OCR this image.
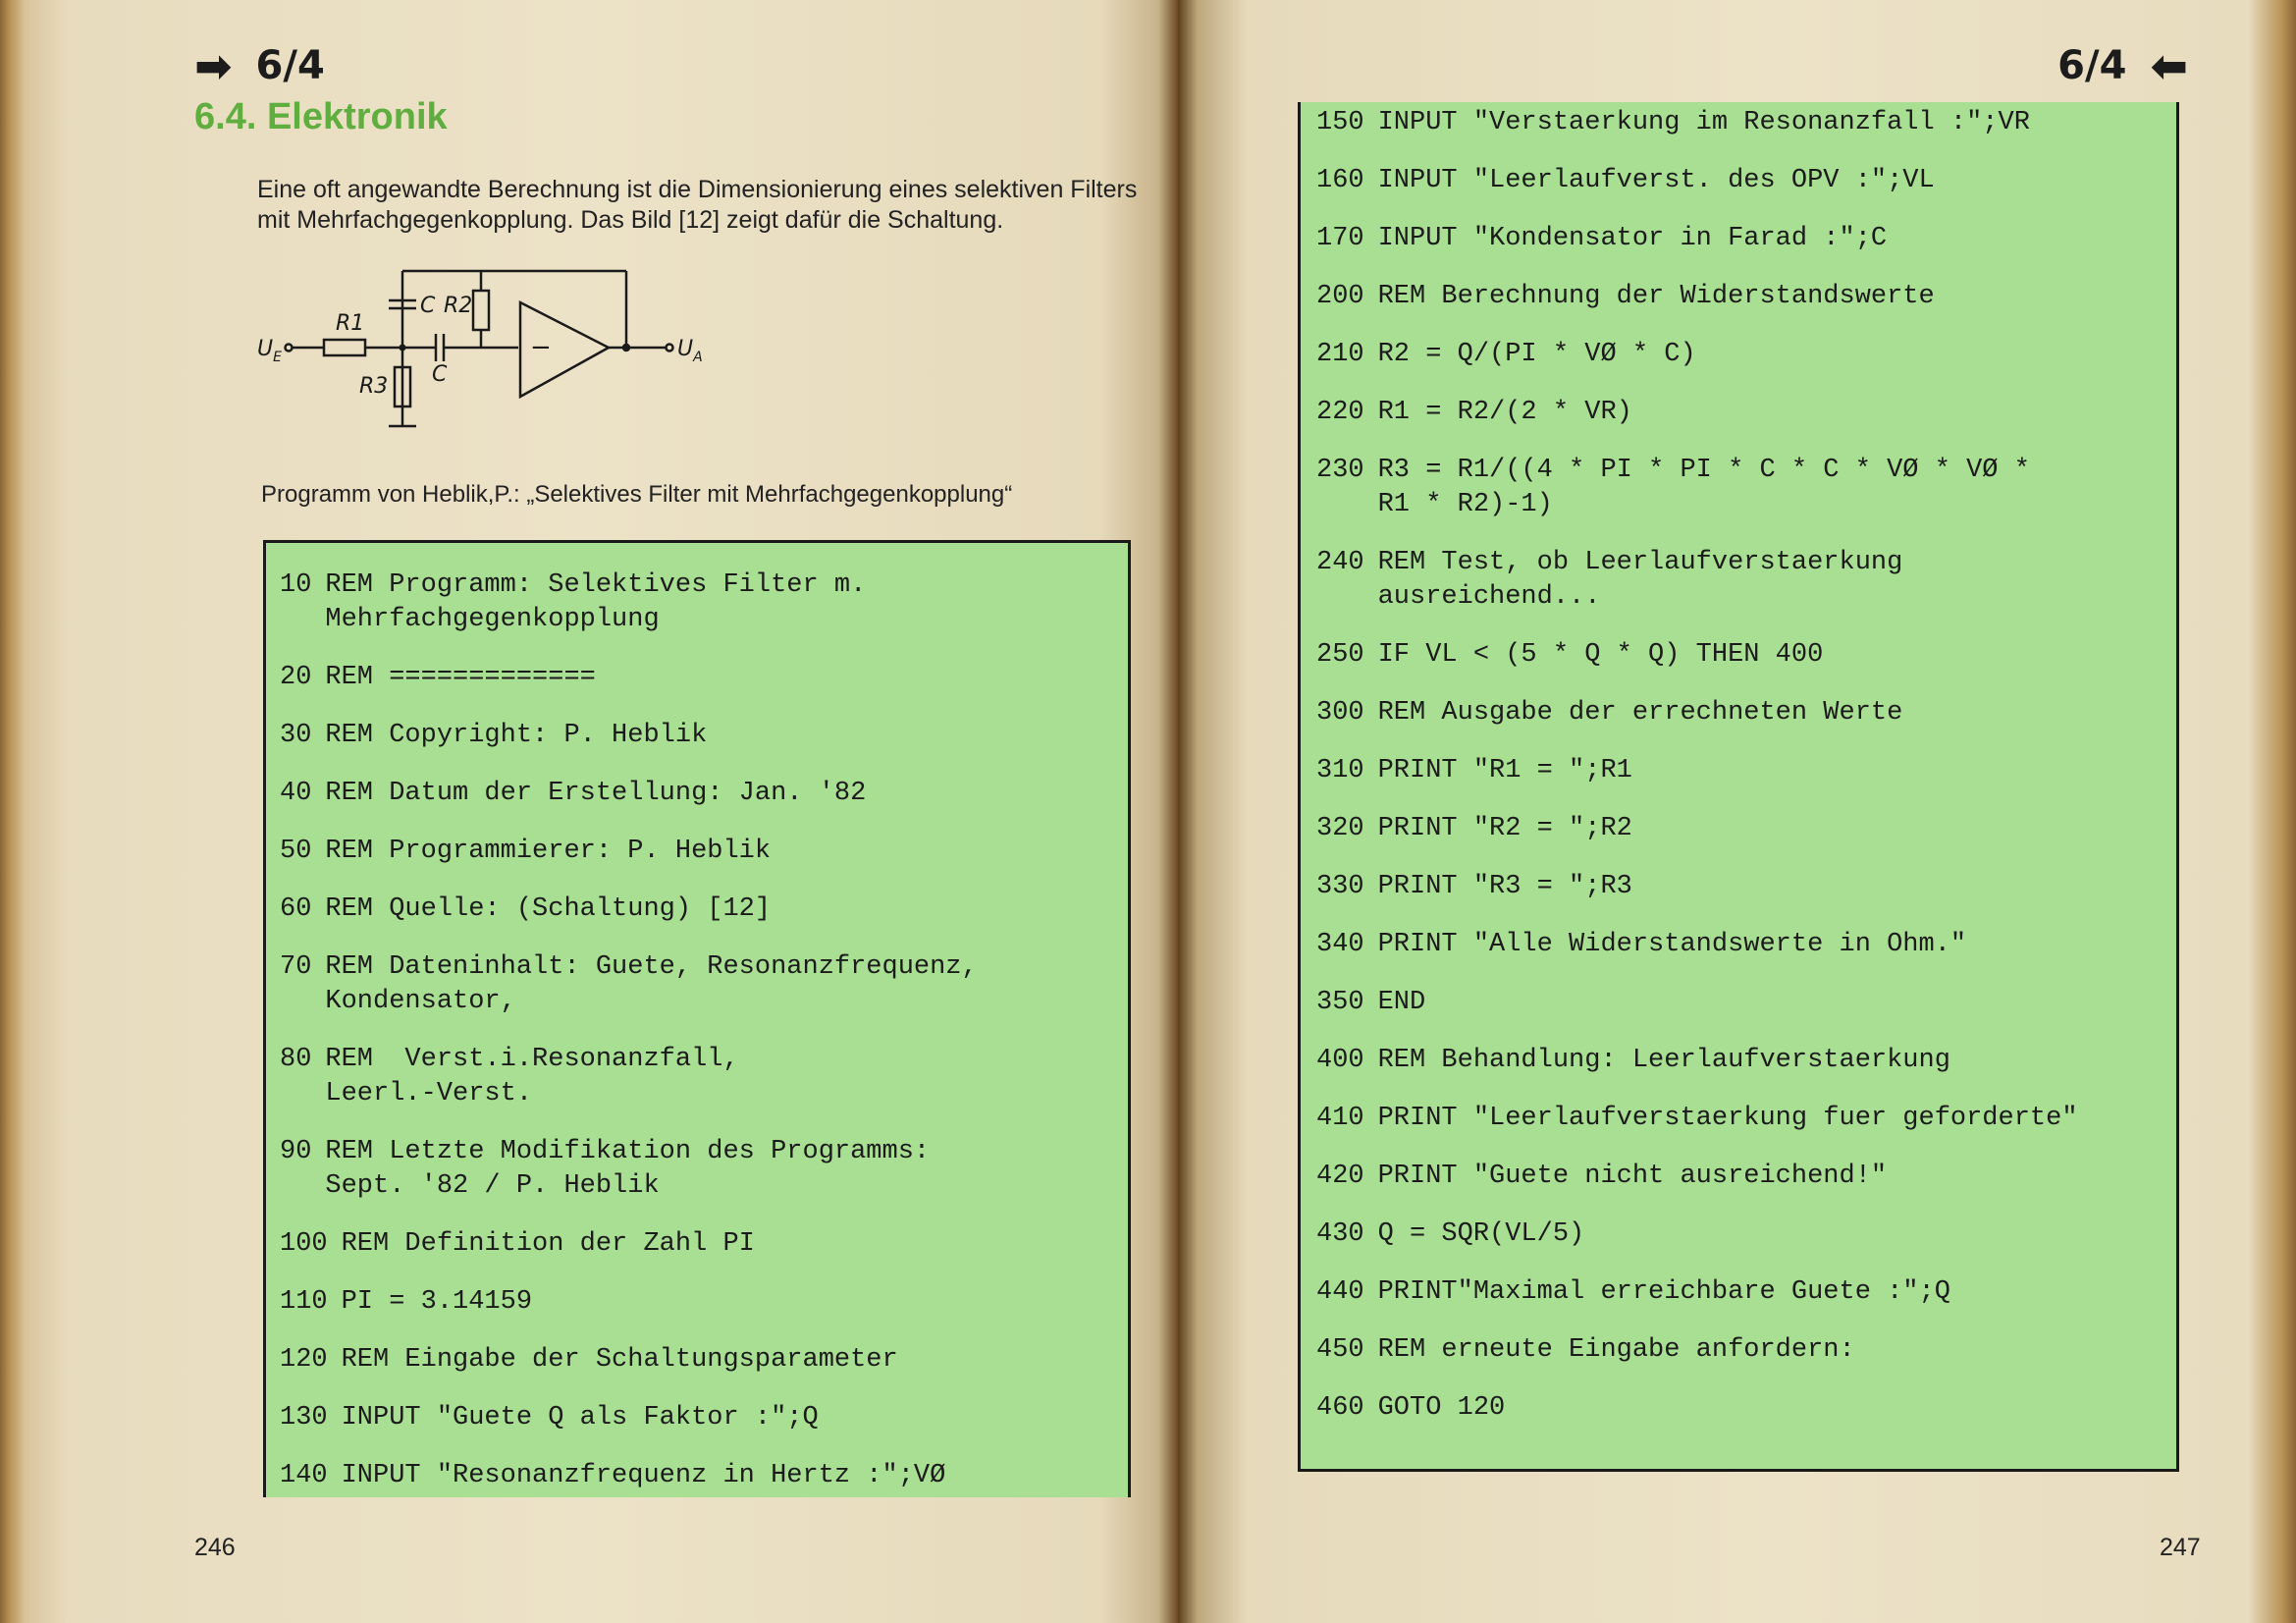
➡ 6/4
6.4. Elektronik
Eine oft angewandte Berechnung ist die Dimensionierung eines selektiven Filters mit Mehrfachgegenkopplung. Das Bild [12] zeigt dafür die Schaltung.
$U_E$
R1
C R2
C
R3
$U_A$
−
Programm von Heblik,P.: „Selektives Filter mit Mehrfachgegenkopplung“
10 REM Programm: Selektives Filter m.
Mehrfachgegenkopplung
20 REM =============
30 REM Copyright: P. Heblik
40 REM Datum der Erstellung: Jan. '82
50 REM Programmierer: P. Heblik
60 REM Quelle: (Schaltung) [12]
70 REM Dateninhalt: Guete, Resonanzfrequenz,
Kondensator,
80 REM  Verst.i.Resonanzfall,
Leerl.-Verst.
90 REM Letzte Modifikation des Programms:
Sept. '82 / P. Heblik
100 REM Definition der Zahl PI
110 PI = 3.14159
120 REM Eingabe der Schaltungsparameter
130 INPUT "Guete Q als Faktor :";Q
140 INPUT "Resonanzfrequenz in Hertz :";VØ
246
6/4 ⬅
247
150 INPUT "Verstaerkung im Resonanzfall :";VR
160 INPUT "Leerlaufverst. des OPV :";VL
170 INPUT "Kondensator in Farad :";C
200 REM Berechnung der Widerstandswerte
210 R2 = Q/(PI * VØ * C)
220 R1 = R2/(2 * VR)
230 R3 = R1/((4 * PI * PI * C * C * VØ * VØ *
R1 * R2)-1)
240 REM Test, ob Leerlaufverstaerkung
ausreichend...
250 IF VL < (5 * Q * Q) THEN 400
300 REM Ausgabe der errechneten Werte
310 PRINT "R1 = ";R1
320 PRINT "R2 = ";R2
330 PRINT "R3 = ";R3
340 PRINT "Alle Widerstandswerte in Ohm."
350 END
400 REM Behandlung: Leerlaufverstaerkung
410 PRINT "Leerlaufverstaerkung fuer geforderte"
420 PRINT "Guete nicht ausreichend!"
430 Q = SQR(VL/5)
440 PRINT"Maximal erreichbare Guete :";Q
450 REM erneute Eingabe anfordern:
460 GOTO 120
